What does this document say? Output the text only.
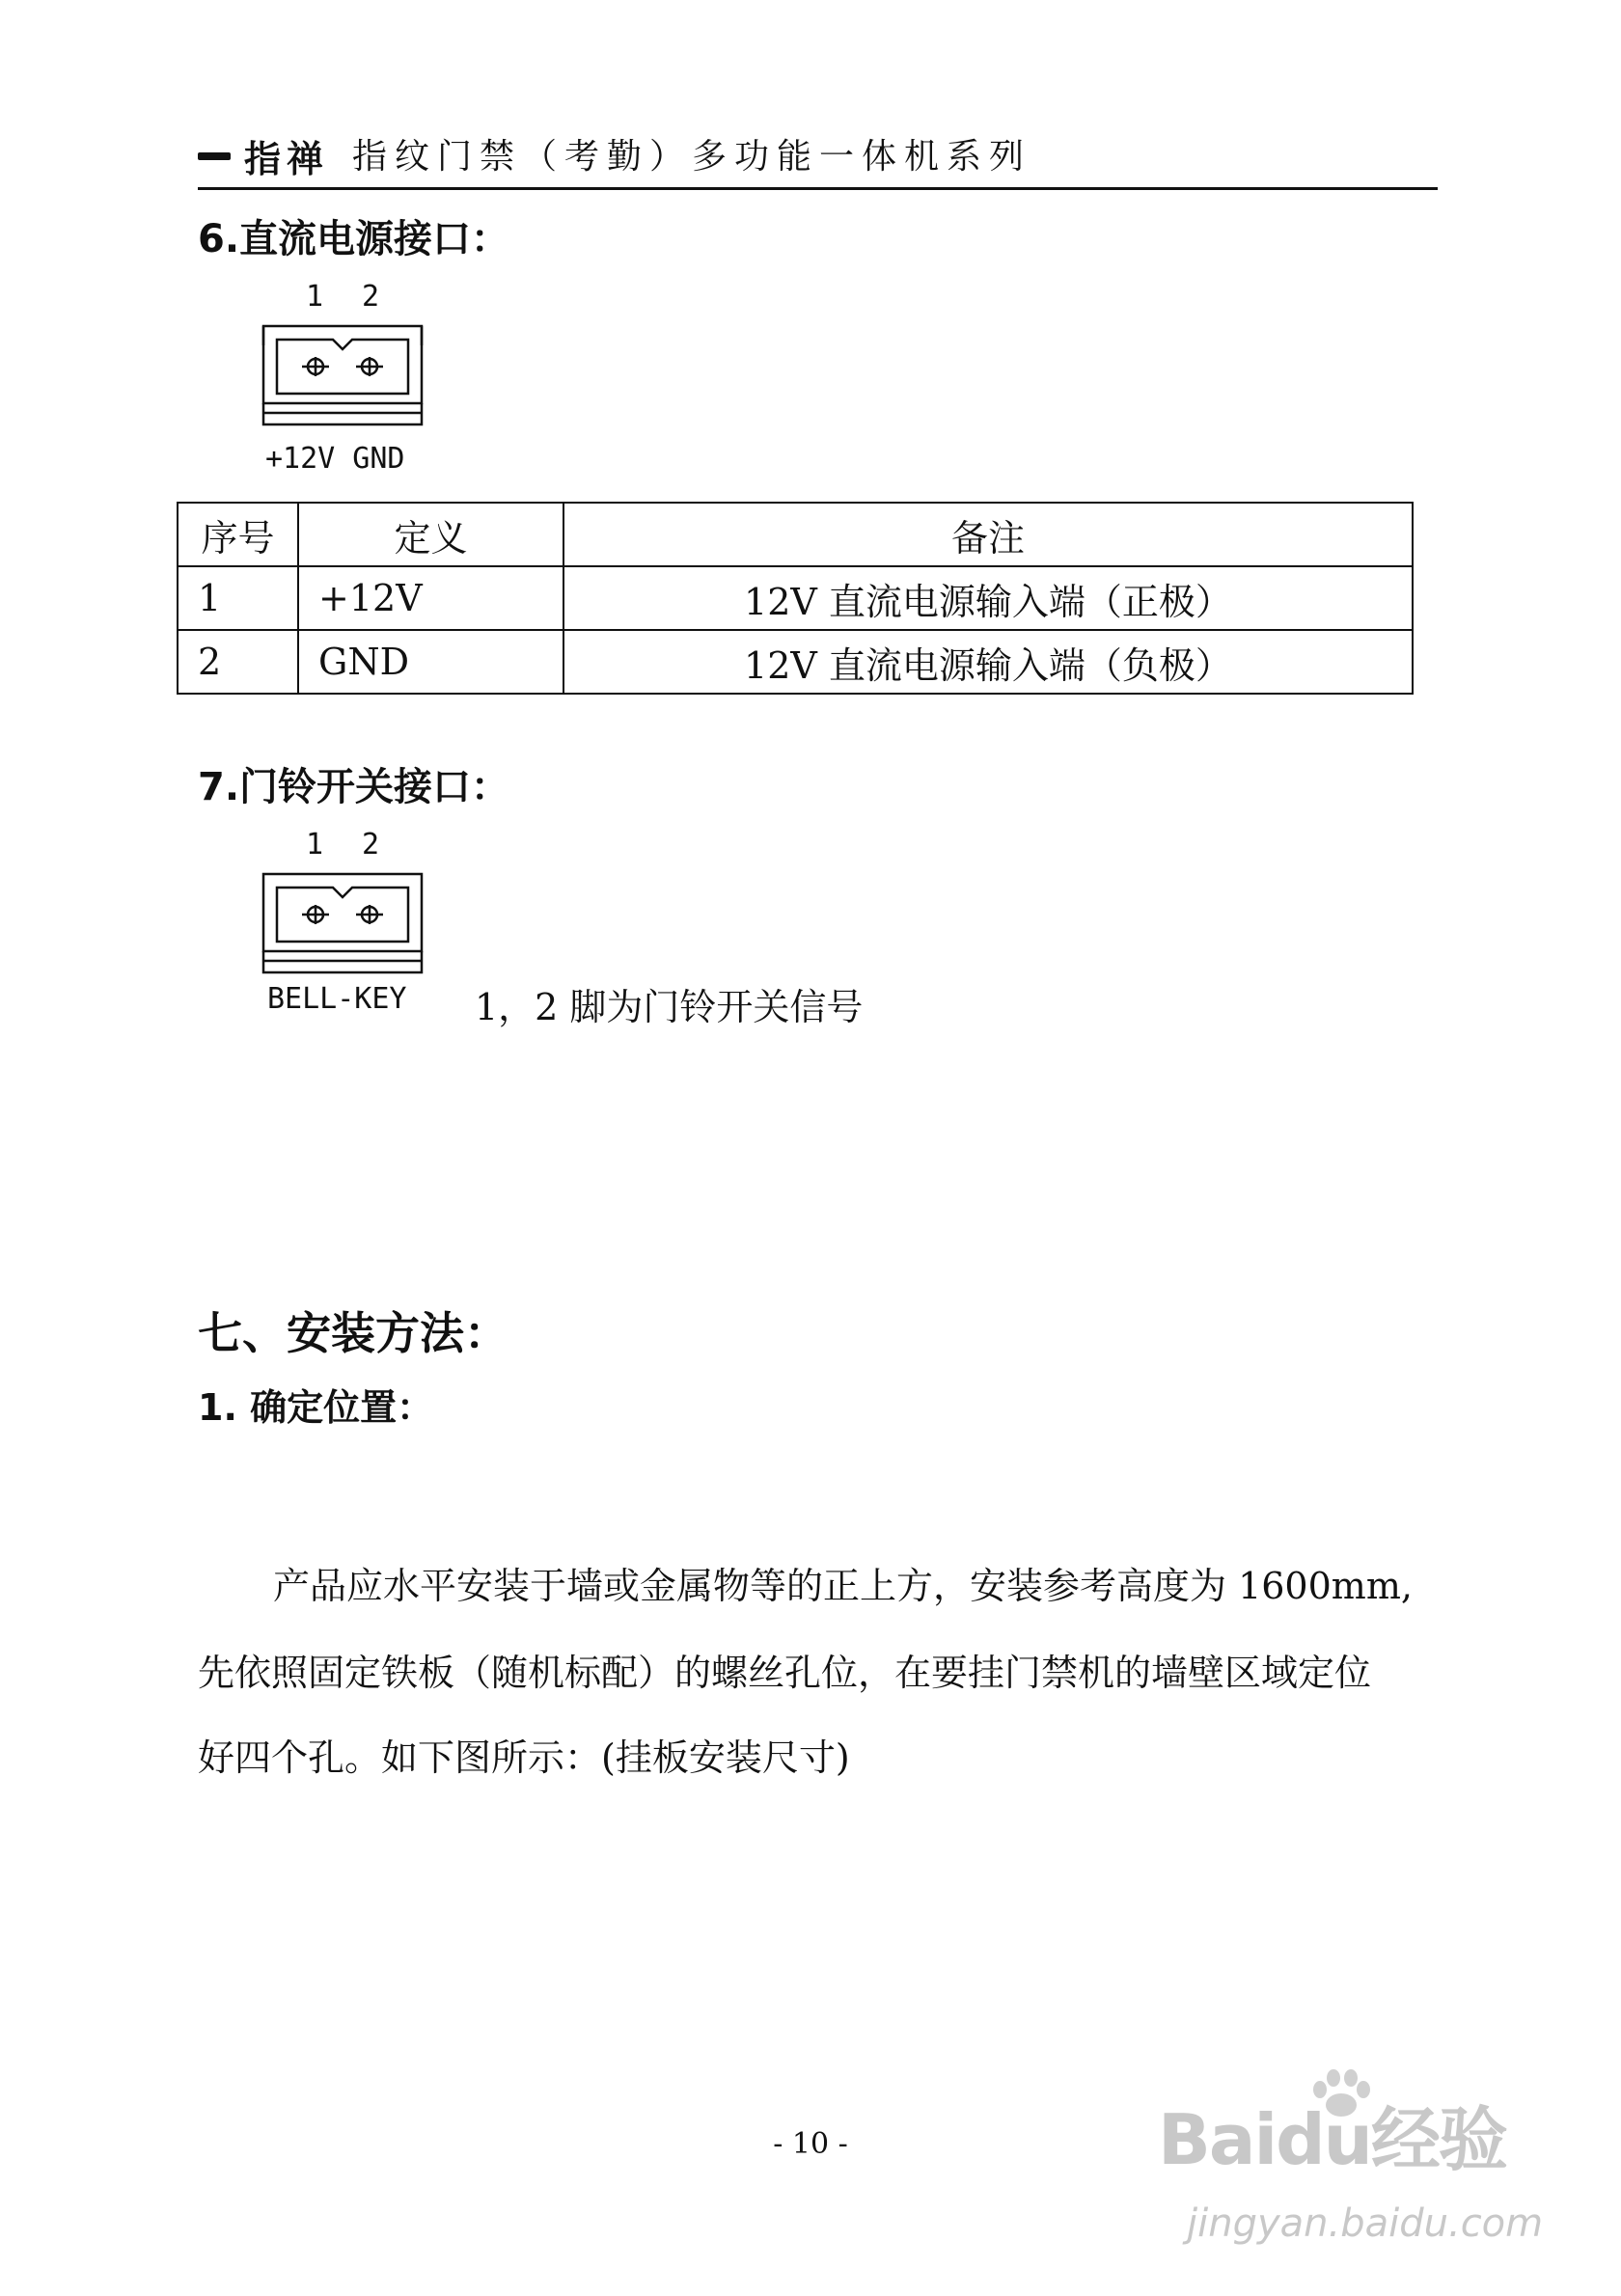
指禅 指纹门禁（考勤）多功能一体机系列
6.直流电源接口：
1 2
+12V GND
序号	定义	备注
1	+12V	12V 直流电源输入端（正极）
2	GND	12V 直流电源输入端（负极）
7.门铃开关接口：
1 2
BELL-KEY 1，2 脚为门铃开关信号

七、安装方法：
1. 确定位置：

产品应水平安装于墙或金属物等的正上方，安装参考高度为 1600mm,

先依照固定铁板（随机标配）的螺丝孔位，在要挂门禁机的墙壁区域定位

好四个孔。如下图所示：(挂板安装尺寸)

- 10 -	Baidu经验
jingyan.baidu.com
